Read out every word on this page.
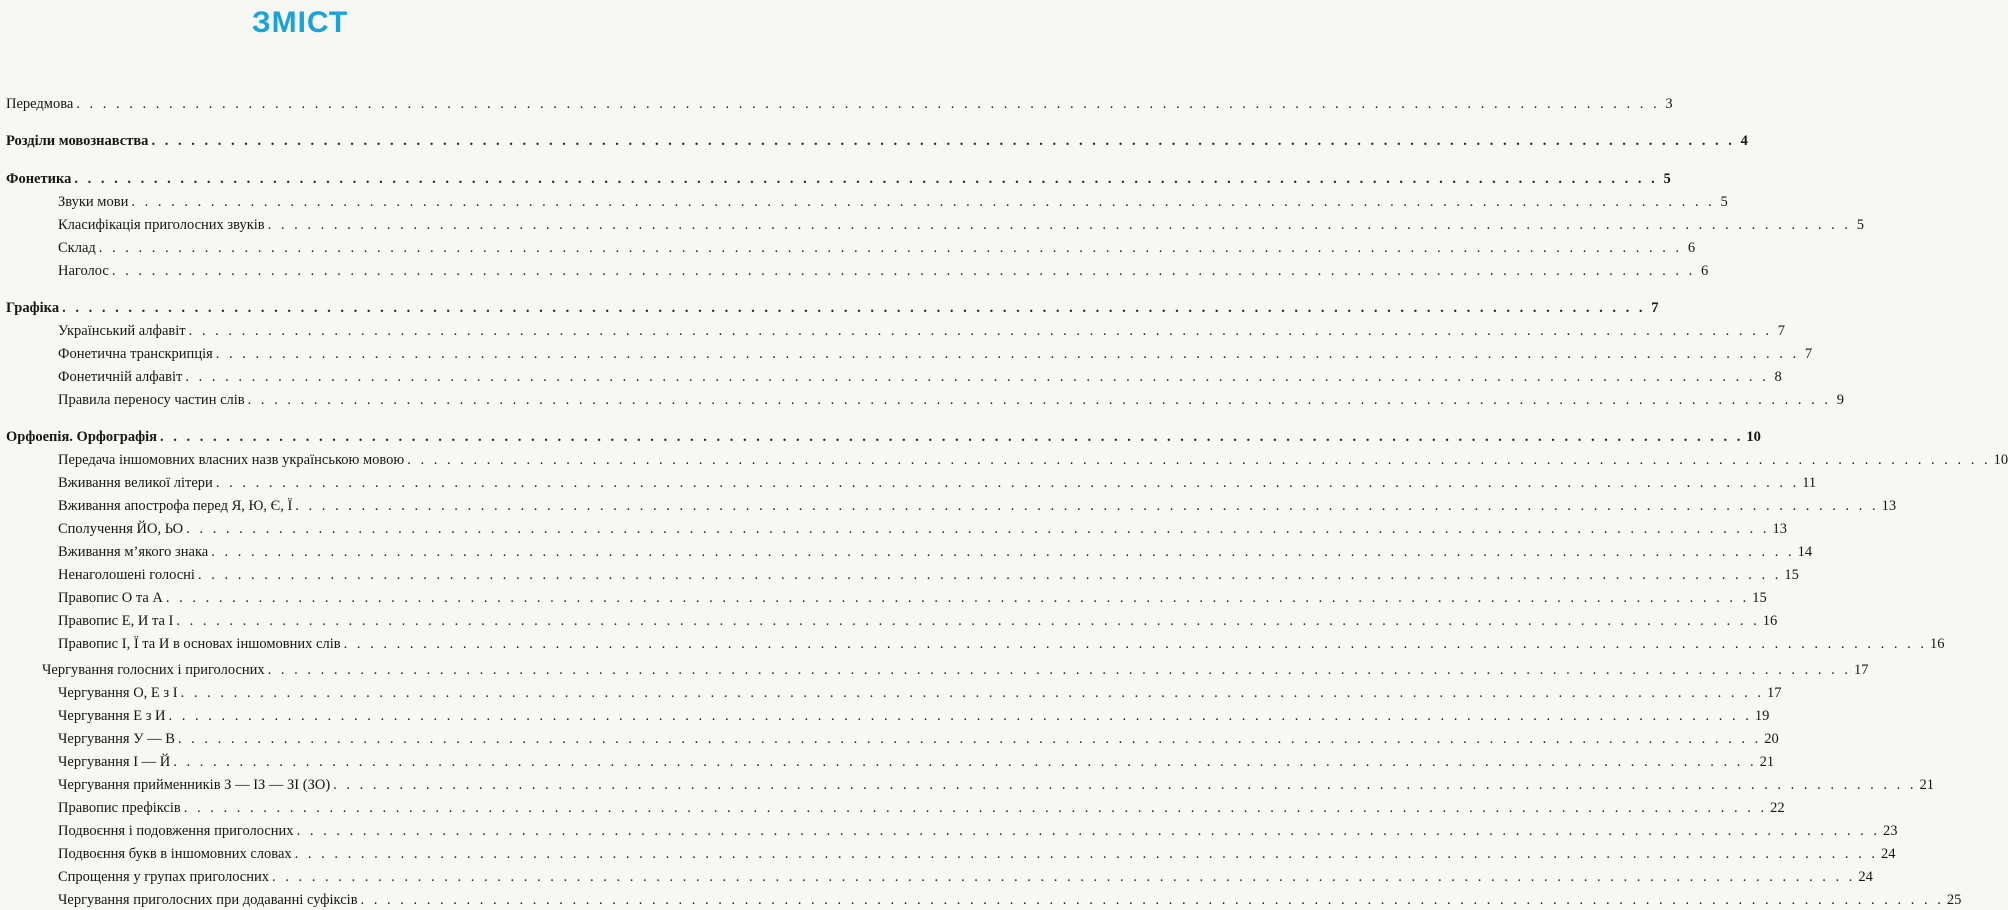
ЗМІСТ
Передмова . . . . . . . . . . . . . . . . . . . . . . . . . . . . . . . . . . . . . . . . . . . . . . . . . . . . . . . . . . . . . . . . . . . . . . . . . . . . . . . . . . . . . . . . . . . . . . . . . . . . . . . . . . . . . . . . . . . . . . . . 3
Розділи мовознавства . . . . . . . . . . . . . . . . . . . . . . . . . . . . . . . . . . . . . . . . . . . . . . . . . . . . . . . . . . . . . . . . . . . . . . . . . . . . . . . . . . . . . . . . . . . . . . . . . . . . . . . . . . . . . . . . . . . . . . . . 4
Фонетика . . . . . . . . . . . . . . . . . . . . . . . . . . . . . . . . . . . . . . . . . . . . . . . . . . . . . . . . . . . . . . . . . . . . . . . . . . . . . . . . . . . . . . . . . . . . . . . . . . . . . . . . . . . . . . . . . . . . . . . . 5
Звуки мови . . . . . . . . . . . . . . . . . . . . . . . . . . . . . . . . . . . . . . . . . . . . . . . . . . . . . . . . . . . . . . . . . . . . . . . . . . . . . . . . . . . . . . . . . . . . . . . . . . . . . . . . . . . . . . . . . . . . . . . . 5
Класифікація приголосних звуків . . . . . . . . . . . . . . . . . . . . . . . . . . . . . . . . . . . . . . . . . . . . . . . . . . . . . . . . . . . . . . . . . . . . . . . . . . . . . . . . . . . . . . . . . . . . . . . . . . . . . . . . . . . . . . . . . . . . . . . . 5
Склад . . . . . . . . . . . . . . . . . . . . . . . . . . . . . . . . . . . . . . . . . . . . . . . . . . . . . . . . . . . . . . . . . . . . . . . . . . . . . . . . . . . . . . . . . . . . . . . . . . . . . . . . . . . . . . . . . . . . . . . . 6
Наголос . . . . . . . . . . . . . . . . . . . . . . . . . . . . . . . . . . . . . . . . . . . . . . . . . . . . . . . . . . . . . . . . . . . . . . . . . . . . . . . . . . . . . . . . . . . . . . . . . . . . . . . . . . . . . . . . . . . . . . . . 6
Графіка . . . . . . . . . . . . . . . . . . . . . . . . . . . . . . . . . . . . . . . . . . . . . . . . . . . . . . . . . . . . . . . . . . . . . . . . . . . . . . . . . . . . . . . . . . . . . . . . . . . . . . . . . . . . . . . . . . . . . . . . 7
Український алфавіт . . . . . . . . . . . . . . . . . . . . . . . . . . . . . . . . . . . . . . . . . . . . . . . . . . . . . . . . . . . . . . . . . . . . . . . . . . . . . . . . . . . . . . . . . . . . . . . . . . . . . . . . . . . . . . . . . . . . . . . . 7
Фонетична транскрипція . . . . . . . . . . . . . . . . . . . . . . . . . . . . . . . . . . . . . . . . . . . . . . . . . . . . . . . . . . . . . . . . . . . . . . . . . . . . . . . . . . . . . . . . . . . . . . . . . . . . . . . . . . . . . . . . . . . . . . . . 7
Фонетичній алфавіт . . . . . . . . . . . . . . . . . . . . . . . . . . . . . . . . . . . . . . . . . . . . . . . . . . . . . . . . . . . . . . . . . . . . . . . . . . . . . . . . . . . . . . . . . . . . . . . . . . . . . . . . . . . . . . . . . . . . . . . . 8
Правила переносу частин слів . . . . . . . . . . . . . . . . . . . . . . . . . . . . . . . . . . . . . . . . . . . . . . . . . . . . . . . . . . . . . . . . . . . . . . . . . . . . . . . . . . . . . . . . . . . . . . . . . . . . . . . . . . . . . . . . . . . . . . . . 9
Орфоепія. Орфографія . . . . . . . . . . . . . . . . . . . . . . . . . . . . . . . . . . . . . . . . . . . . . . . . . . . . . . . . . . . . . . . . . . . . . . . . . . . . . . . . . . . . . . . . . . . . . . . . . . . . . . . . . . . . . . . . . . . . . . . . 10
Передача іншомовних власних назв українською мовою . . . . . . . . . . . . . . . . . . . . . . . . . . . . . . . . . . . . . . . . . . . . . . . . . . . . . . . . . . . . . . . . . . . . . . . . . . . . . . . . . . . . . . . . . . . . . . . . . . . . . . . . . . . . . . . . . . . . . . . . 10
Вживання великої літери . . . . . . . . . . . . . . . . . . . . . . . . . . . . . . . . . . . . . . . . . . . . . . . . . . . . . . . . . . . . . . . . . . . . . . . . . . . . . . . . . . . . . . . . . . . . . . . . . . . . . . . . . . . . . . . . . . . . . . . . 11
Вживання апострофа перед Я, Ю, Є, Ї . . . . . . . . . . . . . . . . . . . . . . . . . . . . . . . . . . . . . . . . . . . . . . . . . . . . . . . . . . . . . . . . . . . . . . . . . . . . . . . . . . . . . . . . . . . . . . . . . . . . . . . . . . . . . . . . . . . . . . . . 13
Сполучення ЙО, ЬО . . . . . . . . . . . . . . . . . . . . . . . . . . . . . . . . . . . . . . . . . . . . . . . . . . . . . . . . . . . . . . . . . . . . . . . . . . . . . . . . . . . . . . . . . . . . . . . . . . . . . . . . . . . . . . . . . . . . . . . . 13
Вживання м’якого знака . . . . . . . . . . . . . . . . . . . . . . . . . . . . . . . . . . . . . . . . . . . . . . . . . . . . . . . . . . . . . . . . . . . . . . . . . . . . . . . . . . . . . . . . . . . . . . . . . . . . . . . . . . . . . . . . . . . . . . . . 14
Ненаголошені голосні . . . . . . . . . . . . . . . . . . . . . . . . . . . . . . . . . . . . . . . . . . . . . . . . . . . . . . . . . . . . . . . . . . . . . . . . . . . . . . . . . . . . . . . . . . . . . . . . . . . . . . . . . . . . . . . . . . . . . . . . 15
Правопис О та А . . . . . . . . . . . . . . . . . . . . . . . . . . . . . . . . . . . . . . . . . . . . . . . . . . . . . . . . . . . . . . . . . . . . . . . . . . . . . . . . . . . . . . . . . . . . . . . . . . . . . . . . . . . . . . . . . . . . . . . . 15
Правопис Е, И та І . . . . . . . . . . . . . . . . . . . . . . . . . . . . . . . . . . . . . . . . . . . . . . . . . . . . . . . . . . . . . . . . . . . . . . . . . . . . . . . . . . . . . . . . . . . . . . . . . . . . . . . . . . . . . . . . . . . . . . . . 16
Правопис І, Ї та И в основах іншомовних слів . . . . . . . . . . . . . . . . . . . . . . . . . . . . . . . . . . . . . . . . . . . . . . . . . . . . . . . . . . . . . . . . . . . . . . . . . . . . . . . . . . . . . . . . . . . . . . . . . . . . . . . . . . . . . . . . . . . . . . . . 16
Чергування голосних і приголосних . . . . . . . . . . . . . . . . . . . . . . . . . . . . . . . . . . . . . . . . . . . . . . . . . . . . . . . . . . . . . . . . . . . . . . . . . . . . . . . . . . . . . . . . . . . . . . . . . . . . . . . . . . . . . . . . . . . . . . . . 17
Чергування О, Е з І . . . . . . . . . . . . . . . . . . . . . . . . . . . . . . . . . . . . . . . . . . . . . . . . . . . . . . . . . . . . . . . . . . . . . . . . . . . . . . . . . . . . . . . . . . . . . . . . . . . . . . . . . . . . . . . . . . . . . . . . 17
Чергування Е з И . . . . . . . . . . . . . . . . . . . . . . . . . . . . . . . . . . . . . . . . . . . . . . . . . . . . . . . . . . . . . . . . . . . . . . . . . . . . . . . . . . . . . . . . . . . . . . . . . . . . . . . . . . . . . . . . . . . . . . . . 19
Чергування У — В . . . . . . . . . . . . . . . . . . . . . . . . . . . . . . . . . . . . . . . . . . . . . . . . . . . . . . . . . . . . . . . . . . . . . . . . . . . . . . . . . . . . . . . . . . . . . . . . . . . . . . . . . . . . . . . . . . . . . . . . 20
Чергування І — Й . . . . . . . . . . . . . . . . . . . . . . . . . . . . . . . . . . . . . . . . . . . . . . . . . . . . . . . . . . . . . . . . . . . . . . . . . . . . . . . . . . . . . . . . . . . . . . . . . . . . . . . . . . . . . . . . . . . . . . . . 21
Чергування прийменників З — ІЗ — ЗІ (ЗО) . . . . . . . . . . . . . . . . . . . . . . . . . . . . . . . . . . . . . . . . . . . . . . . . . . . . . . . . . . . . . . . . . . . . . . . . . . . . . . . . . . . . . . . . . . . . . . . . . . . . . . . . . . . . . . . . . . . . . . . . 21
Правопис префіксів . . . . . . . . . . . . . . . . . . . . . . . . . . . . . . . . . . . . . . . . . . . . . . . . . . . . . . . . . . . . . . . . . . . . . . . . . . . . . . . . . . . . . . . . . . . . . . . . . . . . . . . . . . . . . . . . . . . . . . . . 22
Подвоєння і подовження приголосних . . . . . . . . . . . . . . . . . . . . . . . . . . . . . . . . . . . . . . . . . . . . . . . . . . . . . . . . . . . . . . . . . . . . . . . . . . . . . . . . . . . . . . . . . . . . . . . . . . . . . . . . . . . . . . . . . . . . . . . . 23
Подвоєння букв в іншомовних словах . . . . . . . . . . . . . . . . . . . . . . . . . . . . . . . . . . . . . . . . . . . . . . . . . . . . . . . . . . . . . . . . . . . . . . . . . . . . . . . . . . . . . . . . . . . . . . . . . . . . . . . . . . . . . . . . . . . . . . . . 24
Спрощення у групах приголосних . . . . . . . . . . . . . . . . . . . . . . . . . . . . . . . . . . . . . . . . . . . . . . . . . . . . . . . . . . . . . . . . . . . . . . . . . . . . . . . . . . . . . . . . . . . . . . . . . . . . . . . . . . . . . . . . . . . . . . . . 24
Чергування приголосних при додаванні суфіксів . . . . . . . . . . . . . . . . . . . . . . . . . . . . . . . . . . . . . . . . . . . . . . . . . . . . . . . . . . . . . . . . . . . . . . . . . . . . . . . . . . . . . . . . . . . . . . . . . . . . . . . . . . . . . . . . . . . . . . . . 25
